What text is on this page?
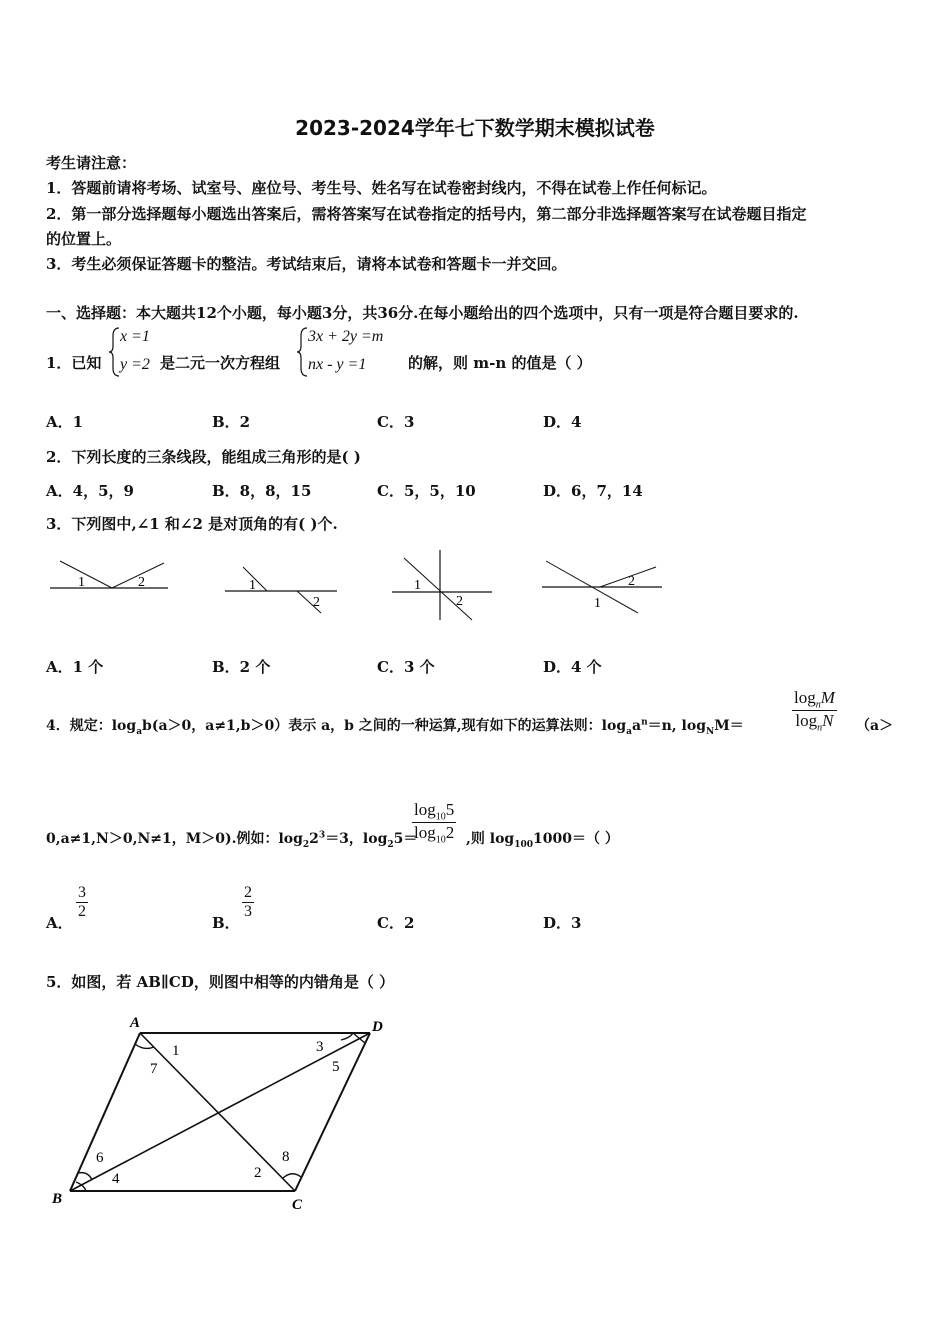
2023-2024学年七下数学期末模拟试卷
考生请注意：
1．答题前请将考场、试室号、座位号、考生号、姓名写在试卷密封线内，不得在试卷上作任何标记。
2．第一部分选择题每小题选出答案后，需将答案写在试卷指定的括号内，第二部分非选择题答案写在试卷题目指定
的位置上。
3．考生必须保证答题卡的整洁。考试结束后，请将本试卷和答题卡一并交回。
一、选择题：本大题共12个小题，每小题3分，共36分.在每小题给出的四个选项中，只有一项是符合题目要求的.
1．已知
x =1
y =2 是二元一次方程组
3x + 2y =m
nx - y =1	的解，则 m-n 的值是（ ）
A．1	B．2	C．3	D．4
2．下列长度的三条线段，能组成三角形的是( )
A．4，5，9	B．8，8，15	C．5，5，10	D．6，7，14
3．下列图中,∠1 和∠2 是对顶角的有( )个.
1	2	1
2
1
2
2
1
A．1 个	B．2 个	C．3 个	D．4 个
4．规定：$\log_ab(a>0$，a≠1,b＞0）表示 a，b 之间的一种运算,现有如下的运算法则：$\log_aa^n=n$, $\log_NM=$	$\frac{\log_nM}{\log_nN} (a>$
0,a≠1,N＞0,N≠1，M＞0).例如：$\log_22^3=3$，$\log_25=$
$\frac{\log_{10}5}{\log_{10}2}$ ,则 $\log_{100}1000=$（ ）
A．
$\frac{3}{2}$
B．
$\frac{2}{3}$
C．2	D．3
5．如图，若 AB∥CD，则图中相等的内错角是（ ）
A	D
B	C
1	3
7	5
6
4	2
8
